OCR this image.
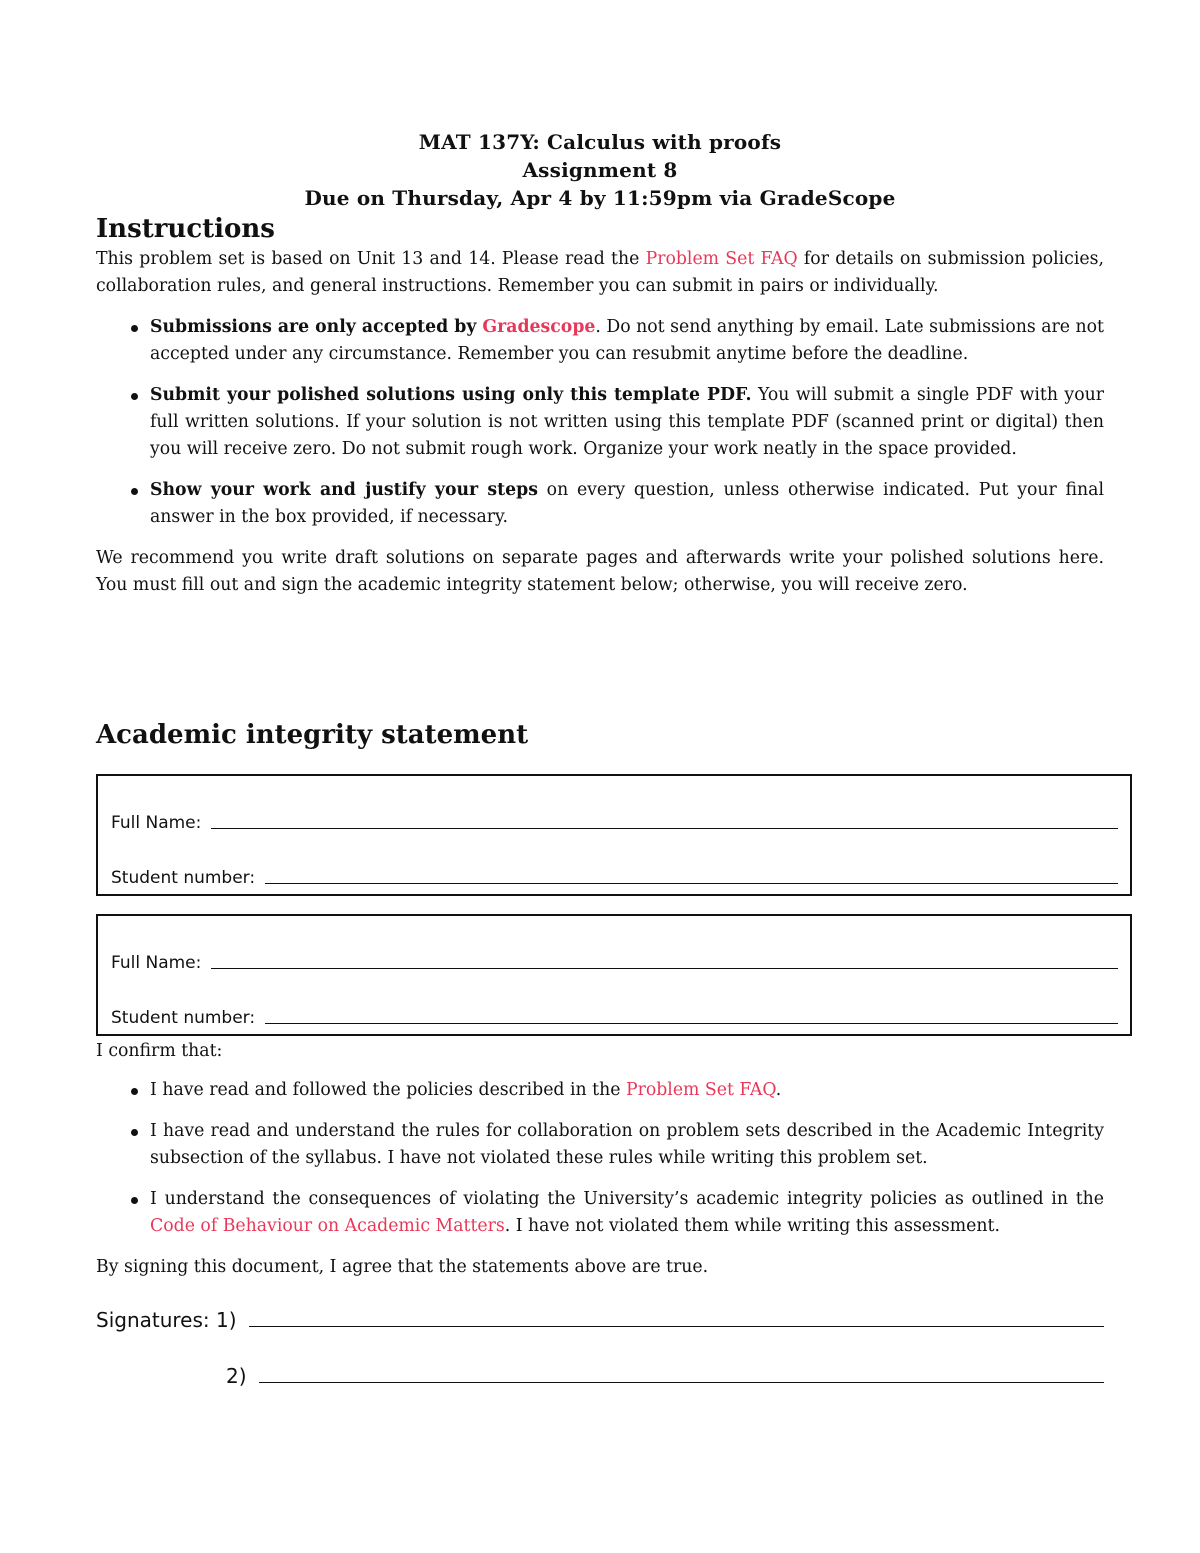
MAT 137Y: Calculus with proofs
Assignment 8
Due on Thursday, Apr 4 by 11:59pm via GradeScope
Instructions

This problem set is based on Unit 13 and 14. Please read the Problem Set FAQ for details on submission policies, collaboration rules, and general instructions. Remember you can submit in pairs or individually.

Submissions are only accepted by Gradescope. Do not send anything by email. Late submissions are not accepted under any circumstance. Remember you can resubmit anytime before the deadline.
Submit your polished solutions using only this template PDF. You will submit a single PDF with your full written solutions. If your solution is not written using this template PDF (scanned print or digital) then you will receive zero. Do not submit rough work. Organize your work neatly in the space provided.
Show your work and justify your steps on every question, unless otherwise indicated. Put your final answer in the box provided, if necessary.

We recommend you write draft solutions on separate pages and afterwards write your polished solutions here. You must fill out and sign the academic integrity statement below; otherwise, you will receive zero.

Academic integrity statement
Full Name:
Student number:
Full Name:
Student number:

I confirm that:

I have read and followed the policies described in the Problem Set FAQ.
I have read and understand the rules for collaboration on problem sets described in the Academic Integrity subsection of the syllabus. I have not violated these rules while writing this problem set.
I understand the consequences of violating the University’s academic integrity policies as outlined in the Code of Behaviour on Academic Matters. I have not violated them while writing this assessment.

By signing this document, I agree that the statements above are true.

Signatures: 1)
2)
